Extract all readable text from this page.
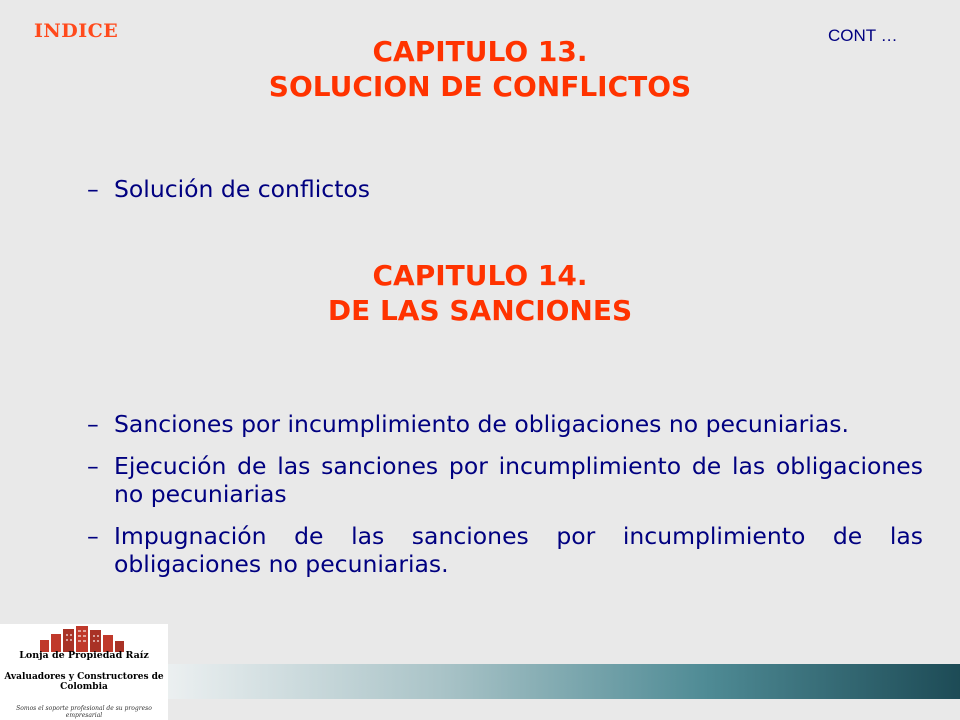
INDICE	CONT …
CAPITULO 13.
SOLUCION DE CONFLICTOS
– Solución de conflictos
CAPITULO 14.
DE LAS SANCIONES
– Sanciones por incumplimiento de obligaciones no pecuniarias.
– Ejecución de las sanciones por incumplimiento de las obligaciones no pecuniarias
– Impugnación de las sanciones por incumplimiento de las obligaciones no pecuniarias.
Lonja de Propiedad Raíz
Avaluadores y Constructores de Colombia
Somos el soporte profesional de su progreso empresarial
